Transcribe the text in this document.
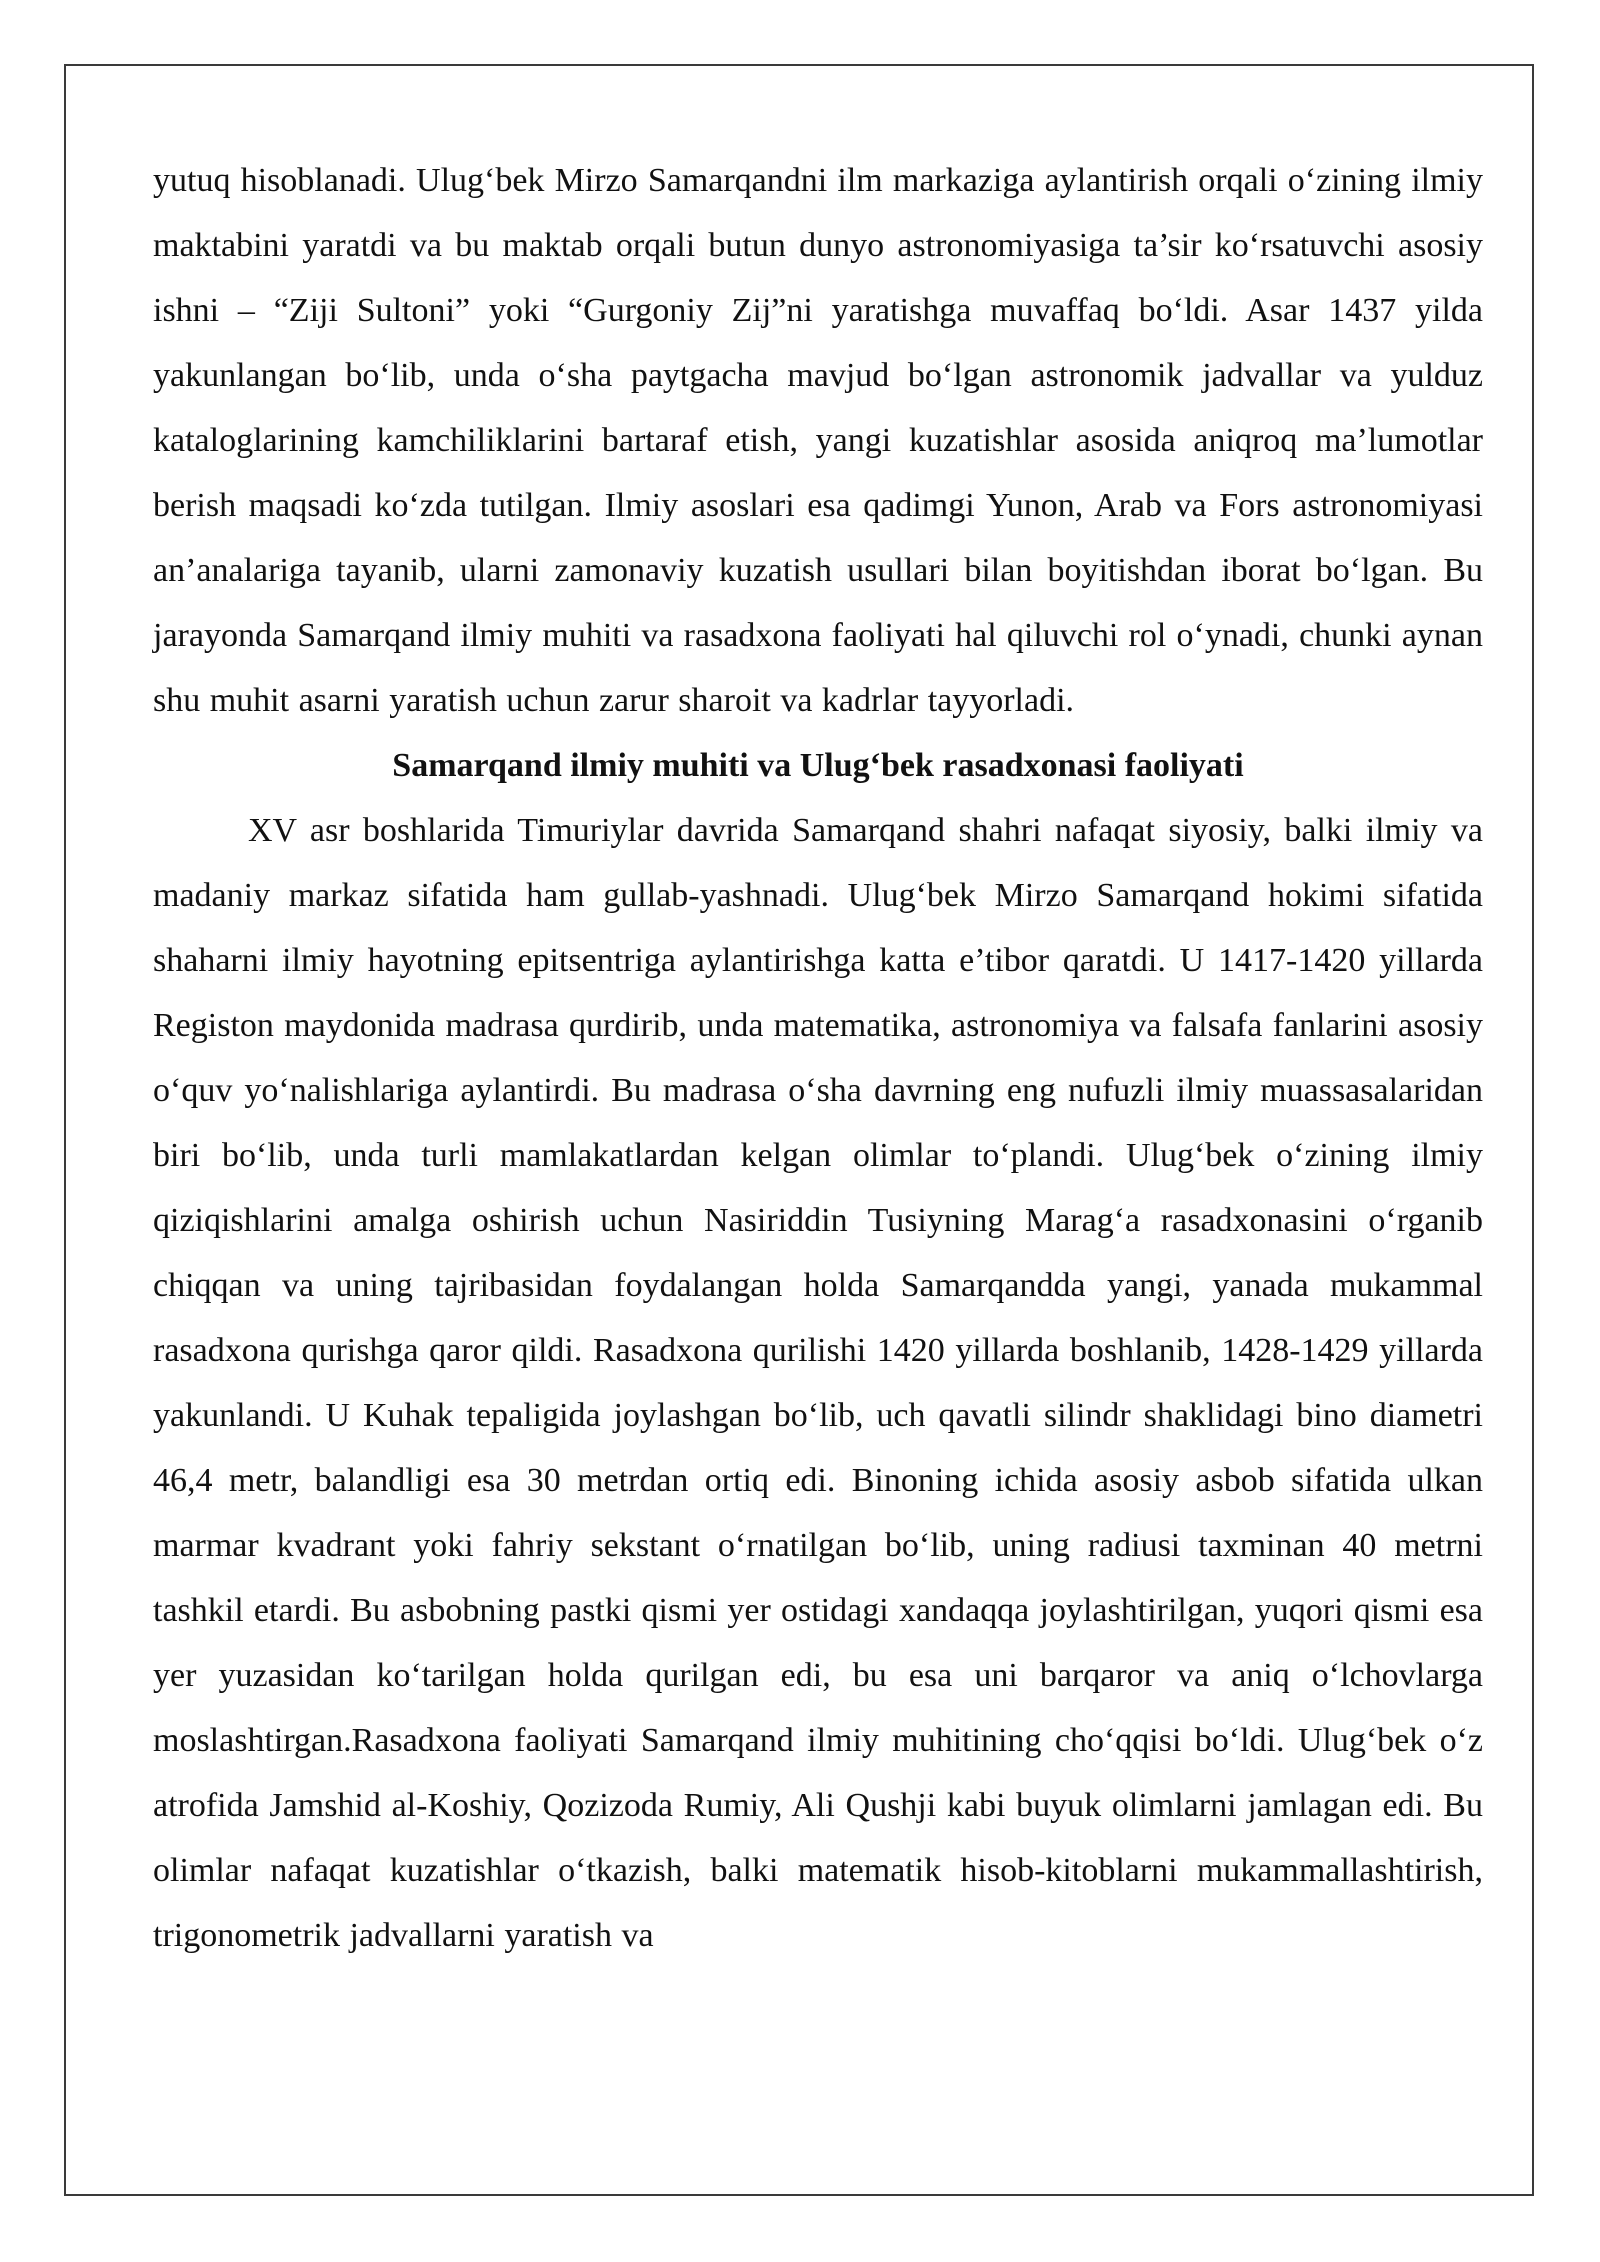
yutuq hisoblanadi. Ulug‘bek Mirzo Samarqandni ilm markaziga aylantirish orqali o‘zining ilmiy maktabini yaratdi va bu maktab orqali butun dunyo astronomiyasiga ta’sir ko‘rsatuvchi asosiy ishni – “Ziji Sultoni” yoki “Gurgoniy Zij”ni yaratishga muvaffaq bo‘ldi. Asar 1437 yilda yakunlangan bo‘lib, unda o‘sha paytgacha mavjud bo‘lgan astronomik jadvallar va yulduz kataloglarining kamchiliklarini bartaraf etish, yangi kuzatishlar asosida aniqroq ma’lumotlar berish maqsadi ko‘zda tutilgan. Ilmiy asoslari esa qadimgi Yunon, Arab va Fors astronomiyasi an’analariga tayanib, ularni zamonaviy kuzatish usullari bilan boyitishdan iborat bo‘lgan. Bu jarayonda Samarqand ilmiy muhiti va rasadxona faoliyati hal qiluvchi rol o‘ynadi, chunki aynan shu muhit asarni yaratish uchun zarur sharoit va kadrlar tayyorladi.

Samarqand ilmiy muhiti va Ulug‘bek rasadxonasi faoliyati

XV asr boshlarida Timuriylar davrida Samarqand shahri nafaqat siyosiy, balki ilmiy va madaniy markaz sifatida ham gullab-yashnadi. Ulug‘bek Mirzo Samarqand hokimi sifatida shaharni ilmiy hayotning epitsentriga aylantirishga katta e’tibor qaratdi. U 1417-1420 yillarda Registon maydonida madrasa qurdirib, unda matematika, astronomiya va falsafa fanlarini asosiy o‘quv yo‘nalishlariga aylantirdi. Bu madrasa o‘sha davrning eng nufuzli ilmiy muassasalaridan biri bo‘lib, unda turli mamlakatlardan kelgan olimlar to‘plandi. Ulug‘bek o‘zining ilmiy qiziqishlarini amalga oshirish uchun Nasiriddin Tusiyning Marag‘a rasadxonasini o‘rganib chiqqan va uning tajribasidan foydalangan holda Samarqandda yangi, yanada mukammal rasadxona qurishga qaror qildi. Rasadxona qurilishi 1420 yillarda boshlanib, 1428-1429 yillarda yakunlandi. U Kuhak tepaligida joylashgan bo‘lib, uch qavatli silindr shaklidagi bino diametri 46,4 metr, balandligi esa 30 metrdan ortiq edi. Binoning ichida asosiy asbob sifatida ulkan marmar kvadrant yoki fahriy sekstant o‘rnatilgan bo‘lib, uning radiusi taxminan 40 metrni tashkil etardi. Bu asbobning pastki qismi yer ostidagi xandaqqa joylashtirilgan, yuqori qismi esa yer yuzasidan ko‘tarilgan holda qurilgan edi, bu esa uni barqaror va aniq o‘lchovlarga moslashtirgan.Rasadxona faoliyati Samarqand ilmiy muhitining cho‘qqisi bo‘ldi. Ulug‘bek o‘z atrofida Jamshid al-Koshiy, Qozizoda Rumiy, Ali Qushji kabi buyuk olimlarni jamlagan edi. Bu olimlar nafaqat kuzatishlar o‘tkazish, balki matematik hisob-kitoblarni mukammallashtirish, trigonometrik jadvallarni yaratish va
